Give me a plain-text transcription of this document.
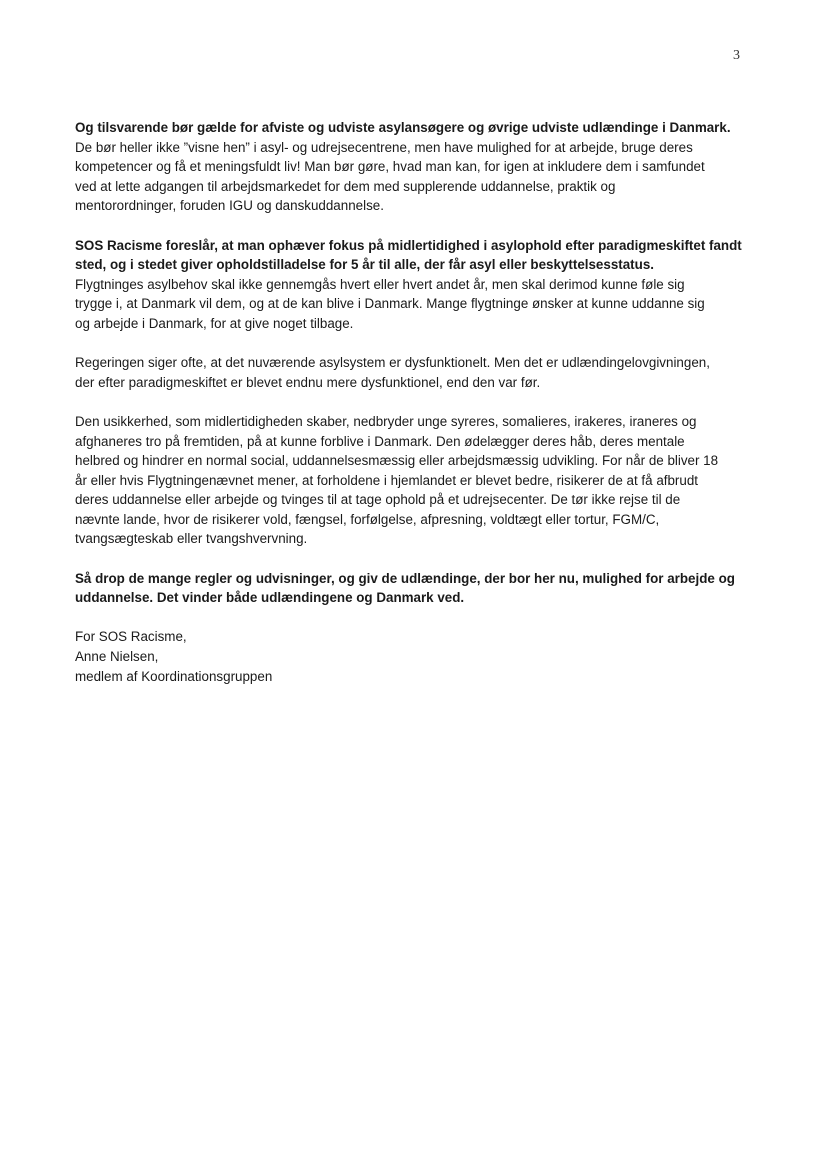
3
Og tilsvarende bør gælde for afviste og udviste asylansøgere og øvrige udviste udlændinge i Danmark.
De bør heller ikke ”visne hen” i asyl- og udrejsecentrene, men have mulighed for at arbejde, bruge deres
kompetencer og få et meningsfuldt liv! Man bør gøre, hvad man kan, for igen at inkludere dem i samfundet
ved at lette adgangen til arbejdsmarkedet for dem med supplerende uddannelse, praktik og
mentorordninger, foruden IGU og danskuddannelse.
SOS Racisme foreslår, at man ophæver fokus på midlertidighed i asylophold efter paradigmeskiftet fandt
sted, og i stedet giver opholdstilladelse for 5 år til alle, der får asyl eller beskyttelsesstatus.
Flygtninges asylbehov skal ikke gennemgås hvert eller hvert andet år, men skal derimod kunne føle sig
trygge i, at Danmark vil dem, og at de kan blive i Danmark. Mange flygtninge ønsker at kunne uddanne sig
og arbejde i Danmark, for at give noget tilbage.
Regeringen siger ofte, at det nuværende asylsystem er dysfunktionelt. Men det er udlændingelovgivningen,
der efter paradigmeskiftet er blevet endnu mere dysfunktionel, end den var før.
Den usikkerhed, som midlertidigheden skaber, nedbryder unge syreres, somalieres, irakeres, iraneres og
afghaneres tro på fremtiden, på at kunne forblive i Danmark. Den ødelægger deres håb, deres mentale
helbred og hindrer en normal social, uddannelsesmæssig eller arbejdsmæssig udvikling. For når de bliver 18
år eller hvis Flygtningenævnet mener, at forholdene i hjemlandet er blevet bedre, risikerer de at få afbrudt
deres uddannelse eller arbejde og tvinges til at tage ophold på et udrejsecenter. De tør ikke rejse til de
nævnte lande, hvor de risikerer vold, fængsel, forfølgelse, afpresning, voldtægt eller tortur, FGM/C,
tvangsægteskab eller tvangshvervning.
Så drop de mange regler og udvisninger, og giv de udlændinge, der bor her nu, mulighed for arbejde og
uddannelse. Det vinder både udlændingene og Danmark ved.
For SOS Racisme,
Anne Nielsen,
medlem af Koordinationsgruppen
